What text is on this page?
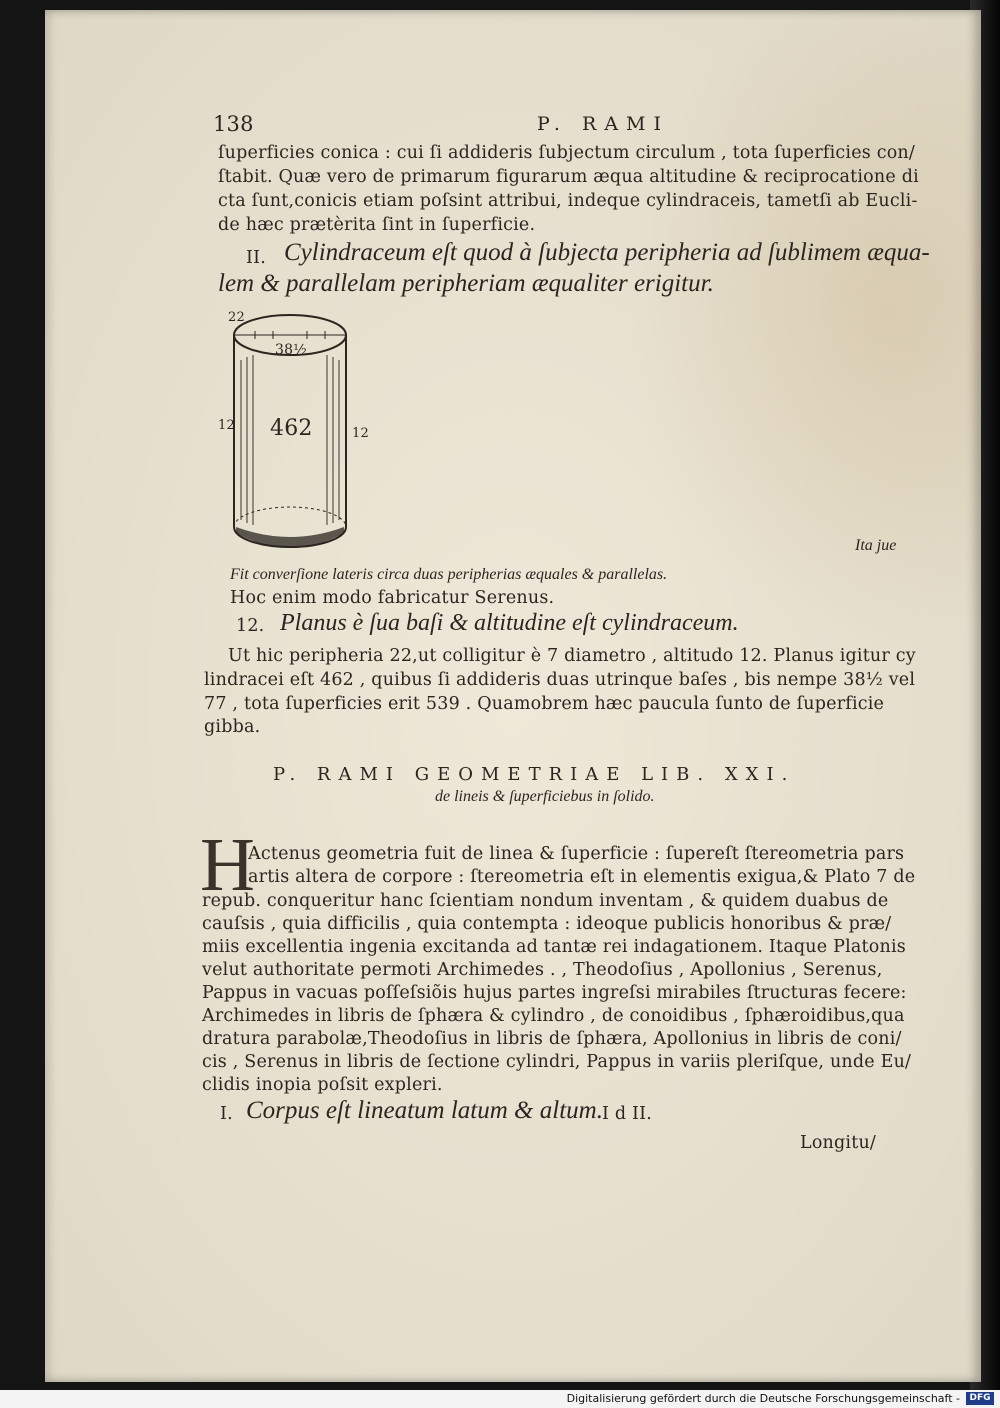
138	P. RAMI
ſuperficies conica : cui ſi addideris ſubjectum circulum , tota ſuperficies con/
ſtabit. Quæ vero de primarum figurarum æqua altitudine & reciprocatione di
cta ſunt,conicis etiam poſsint attribui, indeque cylindraceis, tametſi ab Eucli-
de hæc prætèrita ſint in ſuperficie.
II. Cylindraceum eſt quod à ſubjecta peripheria ad ſublimem æqua-
lem & parallelam peripheriam æqualiter erigitur.
22
38½
462
12
12
Ita jue
Fit converſione lateris circa duas peripherias æquales & parallelas.
Hoc enim modo fabricatur Serenus.
12. Planus è ſua baſi & altitudine eſt cylindraceum.
Ut hic peripheria 22,ut colligitur è 7 diametro , altitudo 12. Planus igitur cy
lindracei eſt 462 , quibus ſi addideris duas utrinque baſes , bis nempe 38½ vel
77 , tota ſuperficies erit 539 . Quamobrem hæc paucula ſunto de ſuperficie
gibba.
P. RAMI GEOMETRIAE LIB. XXI.
de lineis & ſuperficiebus in ſolido.
H
Actenus geometria fuit de linea & ſuperficie : ſupereſt ſtereometria pars
artis altera de corpore : ſtereometria eſt in elementis exigua,& Plato 7 de
repub. conqueritur hanc ſcientiam nondum inventam , & quidem duabus de
cauſsis , quia difficilis , quia contempta : ideoque publicis honoribus & præ/
miis excellentia ingenia excitanda ad tantæ rei indagationem. Itaque Platonis
velut authoritate permoti Archimedes . , Theodoſius , Apollonius , Serenus,
Pappus in vacuas poſſeſsiõis hujus partes ingreſsi mirabiles ſtructuras fecere:
Archimedes in libris de ſphæra & cylindro , de conoidibus , ſphæroidibus,qua
dratura parabolæ,Theodoſius in libris de ſphæra, Apollonius in libris de coni/
cis , Serenus in libris de ſectione cylindri, Pappus in variis pleriſque, unde Eu/
clidis inopia poſsit expleri.
I. Corpus eſt lineatum latum & altum. I d II.
Longitu/
Digitalisierung gefördert durch die Deutsche Forschungsgemeinschaft -	DFG
